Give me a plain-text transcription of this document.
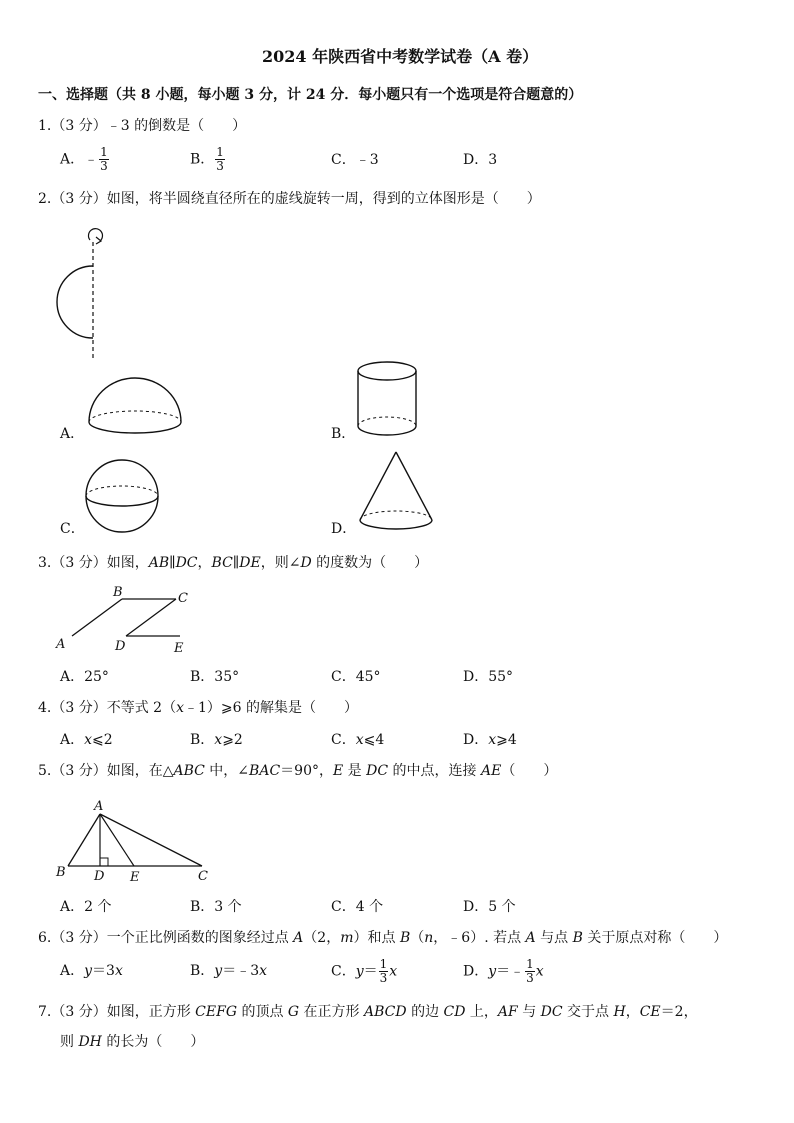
2024 年陕西省中考数学试卷（A 卷）
一、选择题（共 8 小题，每小题 3 分，计 24 分．每小题只有一个选项是符合题意的）
1.（3 分）﹣3 的倒数是（　　）
A．﹣ $\frac{1}{3}$	B． $\frac{1}{3}$	C．﹣3	D．3
2.（3 分）如图，将半圆绕直径所在的虚线旋转一周，得到的立体图形是（　　）
A．	B．
C．	D．
3.（3 分）如图，AB∥DC，BC∥DE，则∠D 的度数为（　　）
A
B	C
D	E
A．25°	B．35°	C．45°	D．55°
4.（3 分）不等式 2（x﹣1）⩾6 的解集是（　　）
A．x⩽2	B．x⩾2	C．x⩽4	D．x⩾4
5.（3 分）如图，在△ABC 中，∠BAC＝90°，E 是 DC 的中点，连接 AE（　　）
A
B D E	C
A．2 个	B．3 个	C．4 个	D．5 个
6.（3 分）一个正比例函数的图象经过点 A（2，m）和点 B（n，﹣6）. 若点 A 与点 B 关于原点对称（　　）
A．y＝3x	B．y＝﹣3x	C．$y= \frac{1}{3}$ x	D．y＝﹣ $\frac{1}{3}$ x
7.（3 分）如图，正方形 CEFG 的顶点 G 在正方形 ABCD 的边 CD 上，AF 与 DC 交于点 H，CE＝2，
则 DH 的长为（　　）
